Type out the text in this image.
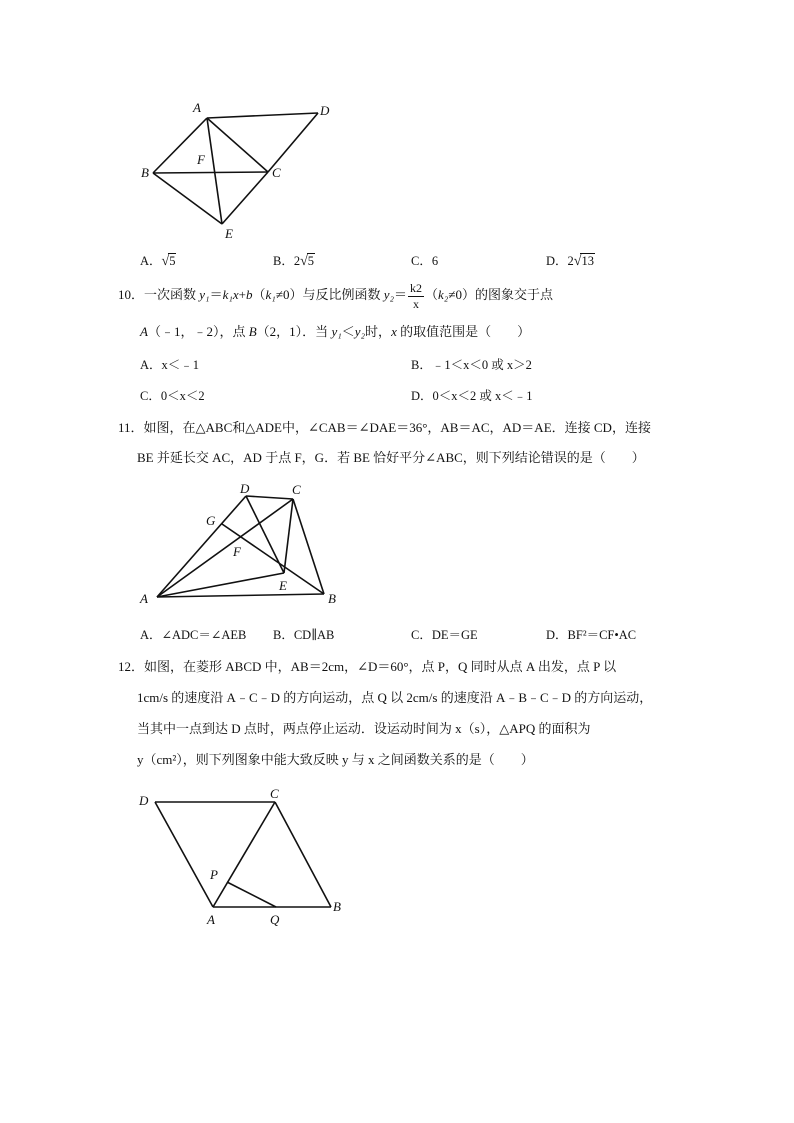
A	D
B	C
F
E
A．√5	B．2√5	C．6	D．2√13
10．一次函数 y₁＝k₁x+b（k₁≠0）与反比例函数 $y_2= \frac{k2}{x} (k_2\ne 0)$的图象交于点
A（﹣1，﹣2），点 B（2，1）．当 y₁＜y₂时，x 的取值范围是（　　）
A．x＜﹣1	B．﹣1＜x＜0 或 x＞2
C．0＜x＜2	D．0＜x＜2 或 x＜﹣1
11．如图，在△ABC和△ADE中，∠CAB＝∠DAE＝36°，AB＝AC，AD＝AE．连接 CD，连接
BE 并延长交 AC，AD 于点 F，G．若 BE 恰好平分∠ABC，则下列结论错误的是（　　）
D	C
G
F
E
A	B
A．∠ADC＝∠AEB B．CD∥AB	C．DE＝GE	D．BF²＝CF•AC
12．如图，在菱形 ABCD 中，AB＝2cm，∠D＝60°，点 P，Q 同时从点 A 出发，点 P 以
1cm/s 的速度沿 A﹣C﹣D 的方向运动，点 Q 以 2cm/s 的速度沿 A﹣B﹣C﹣D 的方向运动，
当其中一点到达 D 点时，两点停止运动．设运动时间为 x（s），△APQ 的面积为
y（cm²），则下列图象中能大致反映 y 与 x 之间函数关系的是（　　）
D	C
P
A	Q
B
